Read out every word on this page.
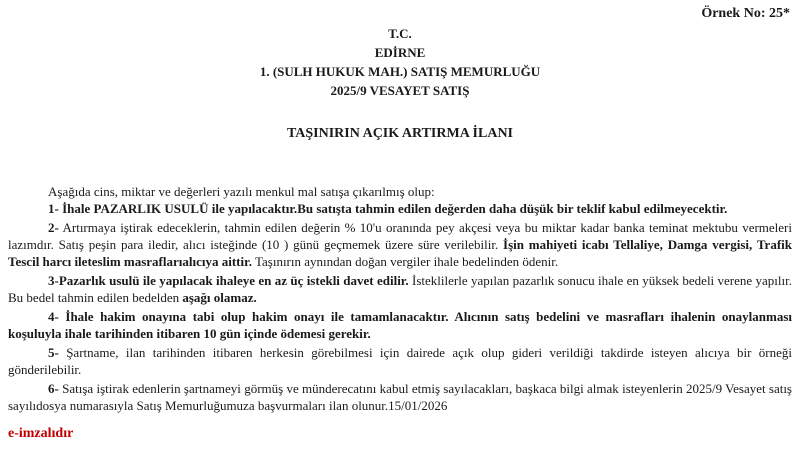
Örnek No: 25*
T.C.
EDİRNE
1. (SULH HUKUK MAH.) SATIŞ MEMURLUĞU
2025/9 VESAYET SATIŞ
TAŞINIRIN AÇIK ARTIRMA İLANI

Aşağıda cins, miktar ve değerleri yazılı menkul mal satışa çıkarılmış olup:

1- İhale PAZARLIK USULÜ ile yapılacaktır.Bu satışta tahmin edilen değerden daha düşük bir teklif kabul edilmeyecektir.

2- Artırmaya iştirak edeceklerin, tahmin edilen değerin % 10'u oranında pey akçesi veya bu miktar kadar banka teminat mektubu vermeleri lazımdır. Satış peşin para iledir, alıcı isteğinde (10 ) günü geçmemek üzere süre verilebilir. İşin mahiyeti icabı Tellaliye, Damga vergisi, Trafik Tescil harcı ileteslim masraflarıalıcıya aittir. Taşınırın aynından doğan vergiler ihale bedelinden ödenir.

3-Pazarlık usulü ile yapılacak ihaleye en az üç istekli davet edilir. İsteklilerle yapılan pazarlık sonucu ihale en yüksek bedeli verene yapılır. Bu bedel tahmin edilen bedelden aşağı olamaz.

4- İhale hakim onayına tabi olup hakim onayı ile tamamlanacaktır. Alıcının satış bedelini ve masrafları ihalenin onaylanması koşuluyla ihale tarihinden itibaren 10 gün içinde ödemesi gerekir.

5- Şartname, ilan tarihinden itibaren herkesin görebilmesi için dairede açık olup gideri verildiği takdirde isteyen alıcıya bir örneği gönderilebilir.

6- Satışa iştirak edenlerin şartnameyi görmüş ve münderecatını kabul etmiş sayılacakları, başkaca bilgi almak isteyenlerin 2025/9 Vesayet satış sayılıdosya numarasıyla Satış Memurluğumuza başvurmaları ilan olunur.15/01/2026

e-imzalıdır
